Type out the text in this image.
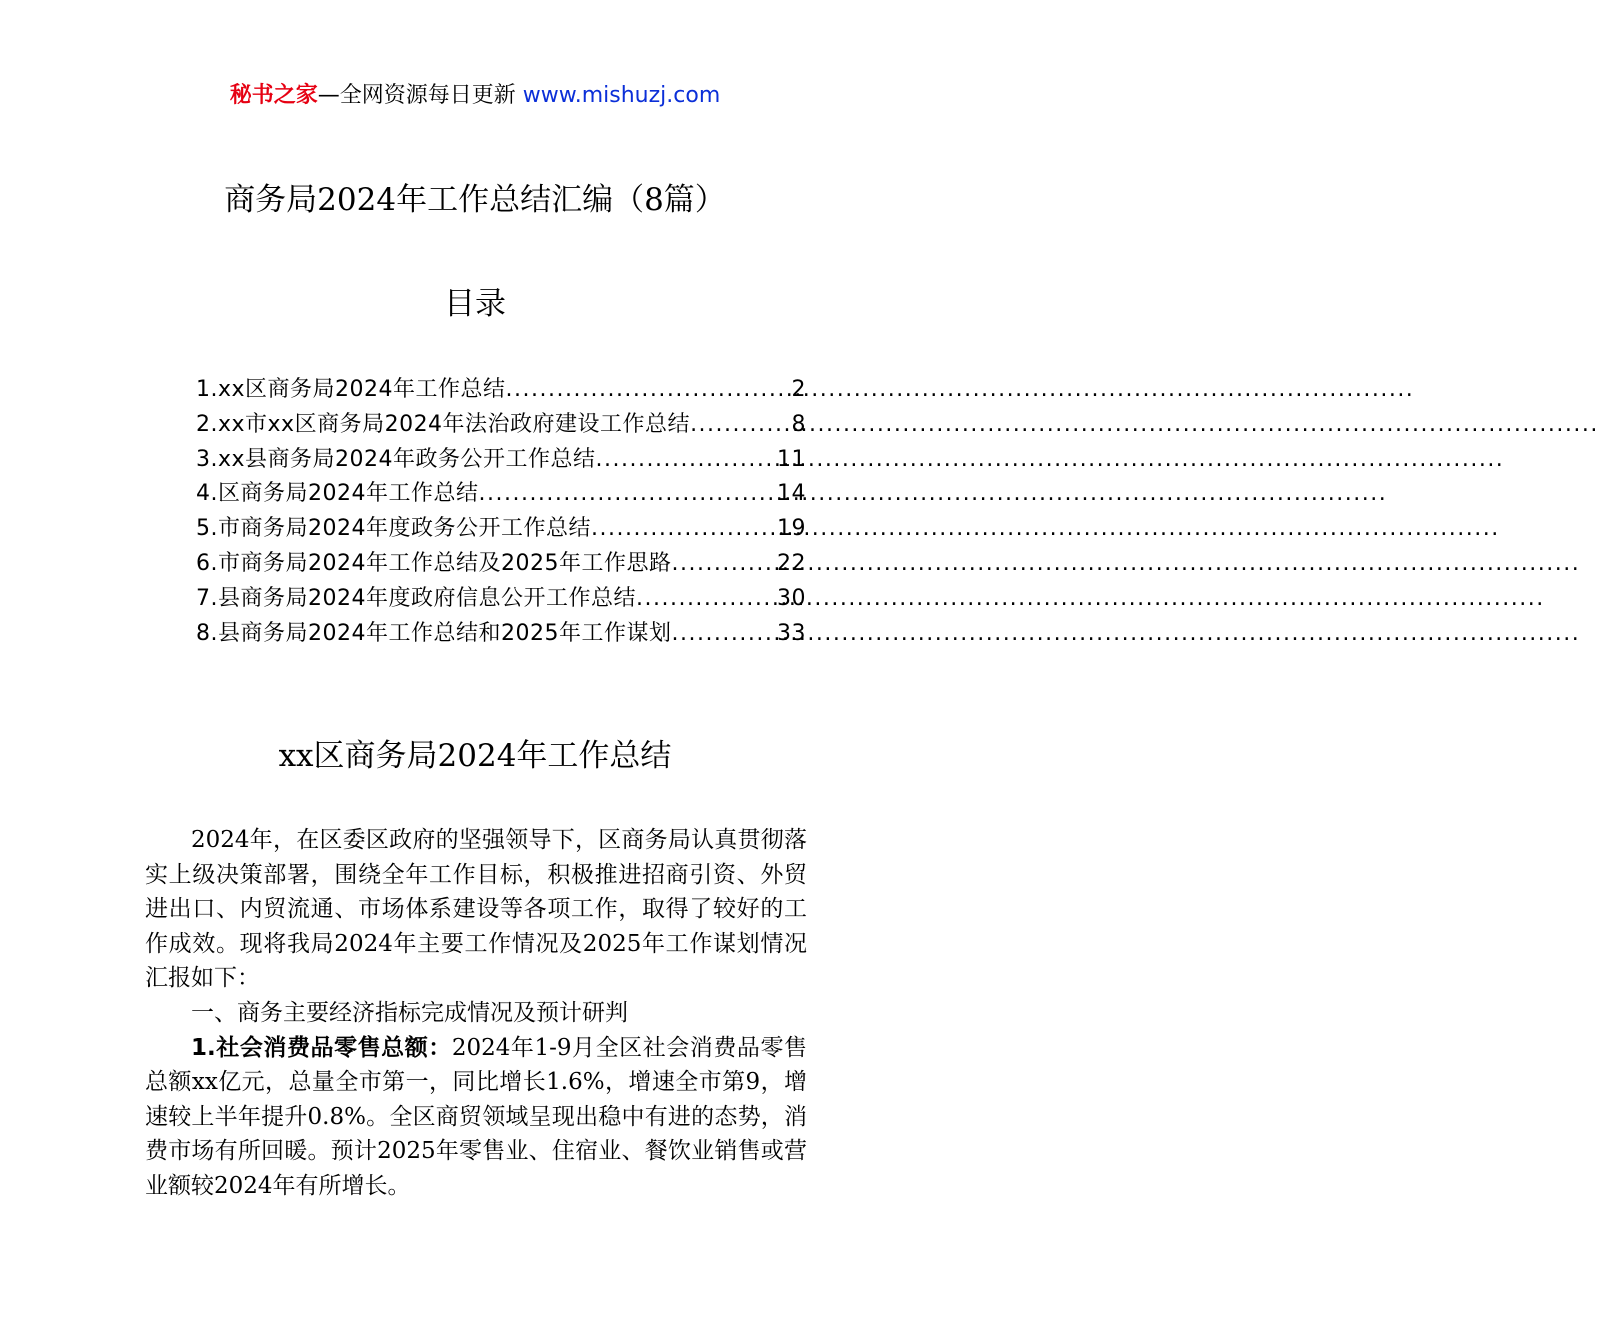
秘书之家—全网资源每日更新 www.mishuzj.com
商务局2024年工作总结汇编（8篇）
目录
1.xx区商务局2024年工作总结 .....	2
2.xx市xx区商务局2024年法治政府建设工作总结 .....	8
3.xx县商务局2024年政务公开工作总结 .....	11
4.区商务局2024年工作总结 .....	14
5.市商务局2024年度政务公开工作总结 .....	19
6.市商务局2024年工作总结及2025年工作思路 .....	22
7.县商务局2024年度政府信息公开工作总结 .....	30
8.县商务局2024年工作总结和2025年工作谋划 .....	33
xx区商务局2024年工作总结

2024年，在区委区政府的坚强领导下，区商务局认真贯彻落实上级决策部署，围绕全年工作目标，积极推进招商引资、外贸进出口、内贸流通、市场体系建设等各项工作，取得了较好的工作成效。现将我局2024年主要工作情况及2025年工作谋划情况汇报如下：

一、商务主要经济指标完成情况及预计研判

1.社会消费品零售总额：2024年1-9月全区社会消费品零售总额xx亿元，总量全市第一，同比增长1.6%，增速全市第9，增速较上半年提升0.8%。全区商贸领域呈现出稳中有进的态势，消费市场有所回暖。预计2025年零售业、住宿业、餐饮业销售或营业额较2024年有所增长。
